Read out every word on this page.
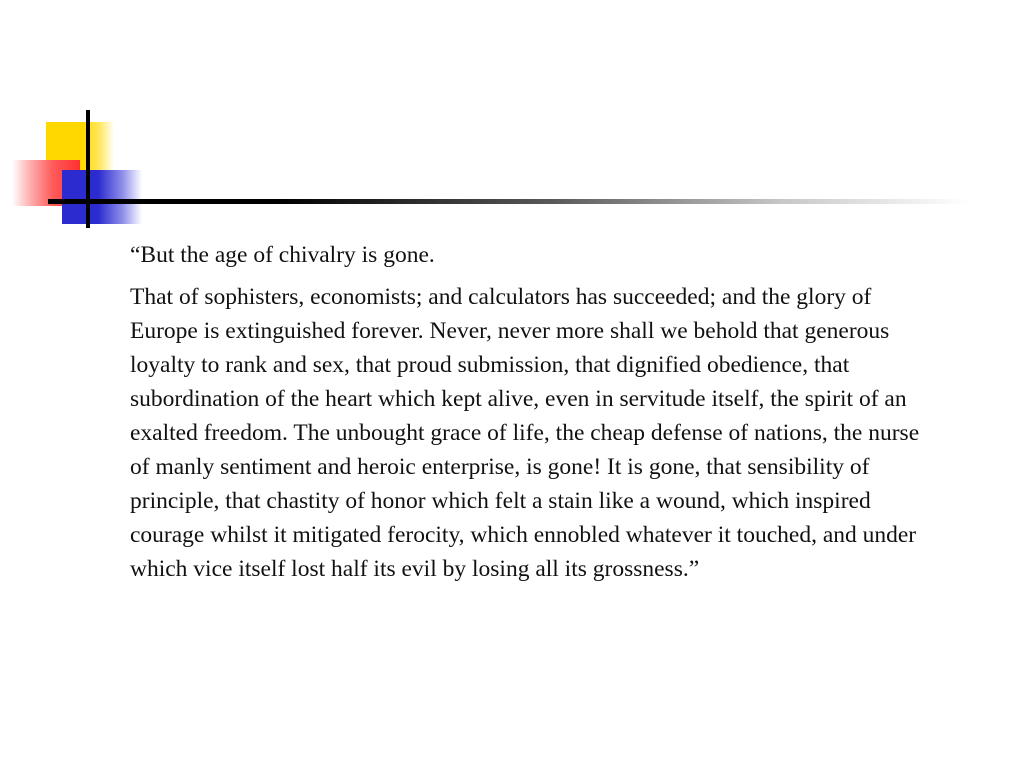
“But the age of chivalry is gone.

That of sophisters, economists; and calculators has succeeded; and the glory of Europe is extinguished forever. Never, never more shall we behold that generous loyalty to rank and sex, that proud submission, that dignified obedience, that subordination of the heart which kept alive, even in servitude itself, the spirit of an exalted freedom. The unbought grace of life, the cheap defense of nations, the nurse of manly sentiment and heroic enterprise, is gone! It is gone, that sensibility of principle, that chastity of honor which felt a stain like a wound, which inspired courage whilst it mitigated ferocity, which ennobled whatever it touched, and under which vice itself lost half its evil by losing all its grossness.”
